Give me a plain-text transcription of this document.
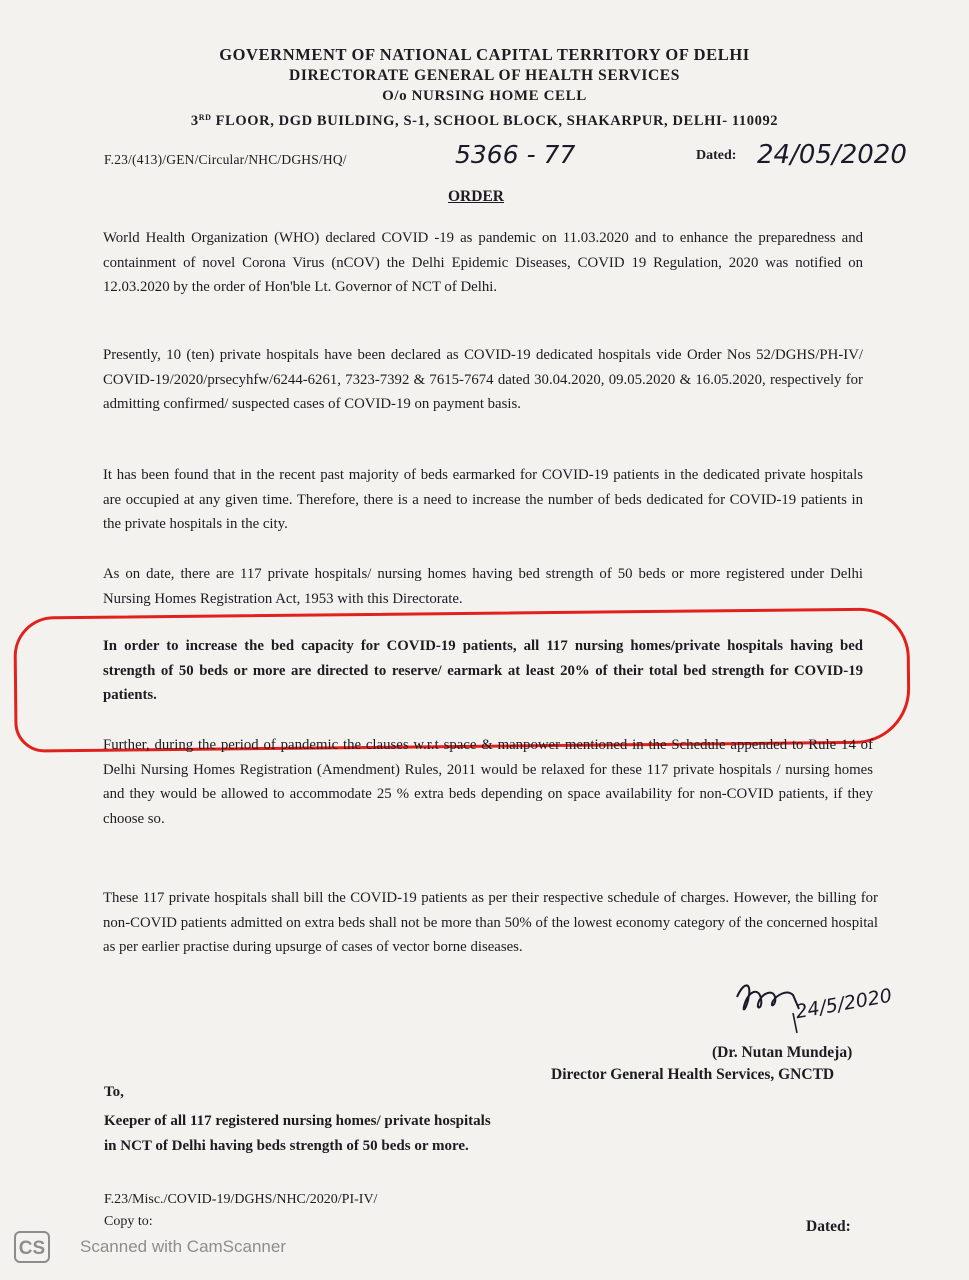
GOVERNMENT OF NATIONAL CAPITAL TERRITORY OF DELHI
DIRECTORATE GENERAL OF HEALTH SERVICES
O/o NURSING HOME CELL
3RD FLOOR, DGD BUILDING, S-1, SCHOOL BLOCK, SHAKARPUR, DELHI- 110092
F.23/(413)/GEN/Circular/NHC/DGHS/HQ/	5366 - 77	Dated: 24/05/2020
ORDER
World Health Organization (WHO) declared COVID -19 as pandemic on 11.03.2020 and to enhance the preparedness and containment of novel Corona Virus (nCOV) the Delhi Epidemic Diseases, COVID 19 Regulation, 2020 was notified on 12.03.2020 by the order of Hon'ble Lt. Governor of NCT of Delhi.
Presently, 10 (ten) private hospitals have been declared as COVID-19 dedicated hospitals vide Order Nos 52/DGHS/PH-IV/ COVID-19/2020/prsecyhfw/6244-6261, 7323-7392 & 7615-7674 dated 30.04.2020, 09.05.2020 & 16.05.2020, respectively for admitting confirmed/ suspected cases of COVID-19 on payment basis.
It has been found that in the recent past majority of beds earmarked for COVID-19 patients in the dedicated private hospitals are occupied at any given time. Therefore, there is a need to increase the number of beds dedicated for COVID-19 patients in the private hospitals in the city.
As on date, there are 117 private hospitals/ nursing homes having bed strength of 50 beds or more registered under Delhi Nursing Homes Registration Act, 1953 with this Directorate.
In order to increase the bed capacity for COVID-19 patients, all 117 nursing homes/private hospitals having bed strength of 50 beds or more are directed to reserve/ earmark at least 20% of their total bed strength for COVID-19 patients.
Further, during the period of pandemic the clauses w.r.t space & manpower mentioned in the Schedule appended to Rule 14 of Delhi Nursing Homes Registration (Amendment) Rules, 2011 would be relaxed for these 117 private hospitals / nursing homes and they would be allowed to accommodate 25 % extra beds depending on space availability for non-COVID patients, if they choose so.
These 117 private hospitals shall bill the COVID-19 patients as per their respective schedule of charges. However, the billing for non-COVID patients admitted on extra beds shall not be more than 50% of the lowest economy category of the concerned hospital as per earlier practise during upsurge of cases of vector borne diseases.
24/5/2020
(Dr. Nutan Mundeja)
Director General Health Services, GNCTD
To,
Keeper of all 117 registered nursing homes/ private hospitals
in NCT of Delhi having beds strength of 50 beds or more.
F.23/Misc./COVID-19/DGHS/NHC/2020/PI-IV/
Copy to:	Dated:
CS Scanned with CamScanner
